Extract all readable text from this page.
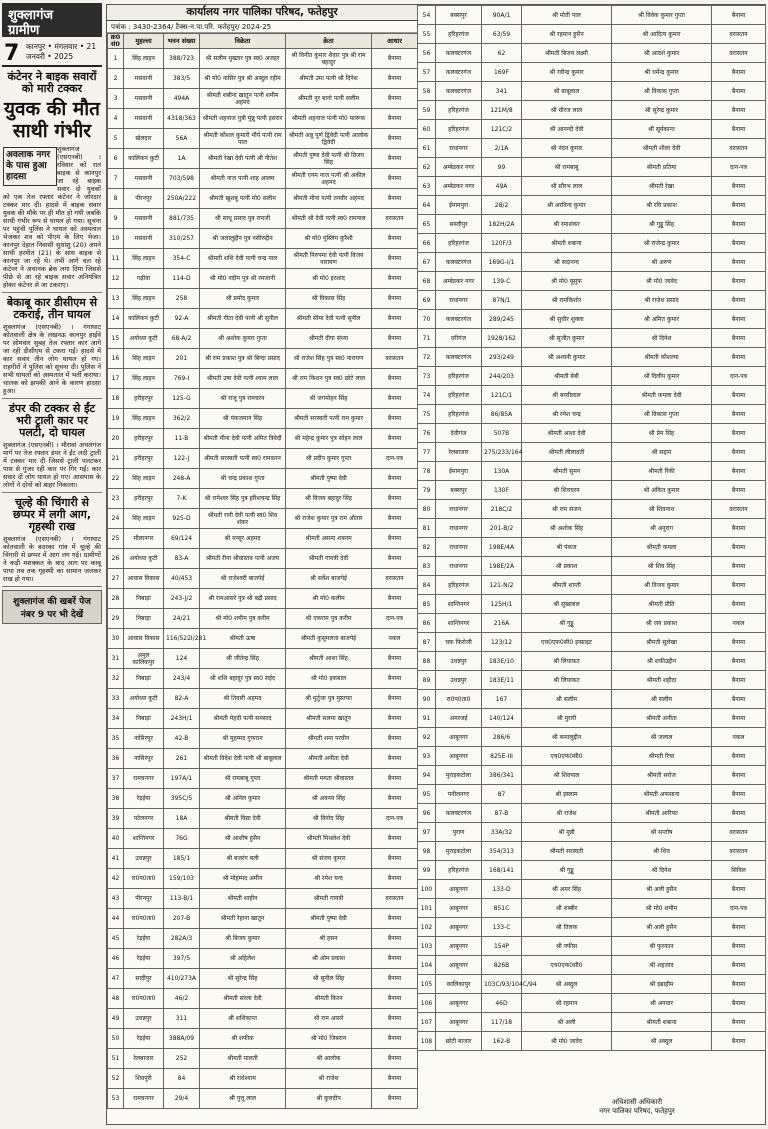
शुक्लागंज
ग्रामीण
7 कानपुर • मंगलवार • 21
जनवरी • 2025
कंटेनर ने बाइक सवारों को मारी टक्कर
युवक की मौत साथी गंभीर
अवलाक नगर के पास हुआ हादसा

शुक्लागंज (एसएनबी) । रविवार को रात बाइक से कानपुर जा रहे बाइक सवार दो युवकों को एक तेज रफ्तार कंटेनर ने जोरदार टक्कर मार दी। हादसे में बाइक सवार युवक की मौके पर ही मौत हो गयी जबकि साथी गंभीर रूप से घायल हो गया। सूचना पर पहुंची पुलिस ने घायल को अस्पताल भेजकर शव को पीएम के लिए भेजा। कानपुर देहात निवासी सुधांशु (20) अपने साथी हरमीत (21) के साथ बाइक से कानपुर जा रहे थे। तभी आगे चल रहे कंटेनर ने अचानक ब्रेक लगा दिया जिससे पीछे से आ रहे बाइक सवार अनियंत्रित होकर कंटेनर से जा टकराए।

बेकाबू कार डीसीएम से टकराई, तीन घायल

शुक्लागंज (एसएनबी) । गंगाघाट कोतवाली क्षेत्र के लखनऊ कानपुर हाईवे पर सोमवार सुबह तेज रफ्तार कार आगे जा रही डीसीएम से टकरा गई। हादसे में कार सवार तीन लोग घायल हो गए। राहगीरों ने पुलिस को सूचना दी। पुलिस ने सभी घायलों को अस्पताल में भर्ती कराया। चालक को झपकी आने के कारण हादसा हुआ।

डंपर की टक्कर से ईंट भरी ट्राली कार पर पलटी, दो घायल

शुक्लागंज (एसएनबी) । मौरावां अचलगंज मार्ग पर तेज रफ्तार डंपर ने ईंट लदी ट्राली में टक्कर मार दी जिससे ट्राली पलटकर पास से गुजर रही कार पर गिर गई। कार सवार दो लोग घायल हो गए। आसपास के लोगों ने दोनों को बाहर निकाला।

चूल्हे की चिंगारी से छप्पर में लगी आग, गृहस्थी राख

शुक्लागंज (एसएनबी) । गंगाघाट कोतवाली के बदरका गांव में चूल्हे की चिंगारी से छप्पर में आग लग गई। ग्रामीणों ने कड़ी मशक्कत के बाद आग पर काबू पाया तब तक गृहस्थी का सामान जलकर राख हो गया।

शुक्लागंज की खबरें पेज नंबर 9 पर भी देखें
कार्यालय नगर पालिका परिषद, फतेहपुर
पत्रांक : 3430-2364/ टैक्स-न.पा.परि. फतेहपुर/ 2024-25
क्र0 सं0	मुहल्ला	भवन संख्या	विक्रेता	क्रेता	आधार
1	सिंह लाइन	388/723	श्री सलीम मुख्तार पुत्र स्व0 अजहर	श्री विनीत कुमार शैवार पुत्र श्री राम बहादुर	बैनामा
2	मसवानी	383/5	श्री मो0 नासिर पुत्र श्री अब्दुल रहीम	श्रीमती उमा पत्नी श्री दिनेश	बैनामा
3	मसवानी	494A	श्रीमती शबीना खातून पत्नी शमीम अहमद	श्रीमती नूर बानो पत्नी सलीम	बैनामा
4	मसवानी	4318/363	श्रीमती शहनाज पुत्री मुन्नू पत्नी इसरार	श्रीमती शहनाज पत्नी मो0 फारूक	बैनामा
5	खेलदार	56A	श्रीमती कौशल कुमारी मौर्य पत्नी राम पाल	श्रीमती अन्नू पूर्ण द्विवेदी पत्नी आलोक द्विवेदी	बैनामा
6	कालिकन कुटी	1A	श्रीमती रेखा देवी पत्नी श्री नीतेश	श्रीमती पुष्पा देवी पत्नी श्री विजय सिंह	बैनामा
7	मसवानी	703/598	श्रीमती नाज पत्नी शाह आलम	श्रीमती एनम नाज पत्नी श्री अकील अहमद	बैनामा
8	पीरनपुर	250A/222	श्रीमती खुशबू पत्नी मो0 सलीम	श्रीमती मीना पत्नी तनवीर अहमद	बैनामा
9	मसवानी	881/735	श्री साधू प्रसाद पुत्र रामजी	श्रीमती श्री देवी पत्नी स्व0 रामपाल	वरासतन
10	मसवानी	310/257	श्री जलालुद्दीन पुत्र नसीरुद्दीन	श्री मो0 मुस्लिम कुरैशी	बैनामा
11	सिंह लाइन	354-C	श्रीमती शशि देवी पत्नी चन्द्र पाल	श्रीमती निरुपमा देवी पत्नी विजय नारायण	बैनामा
12	गढ़ीवा	114-D	श्री मो0 नदीम पुत्र श्री रमजानी	श्री मो0 इरशाद	बैनामा
13	सिंह लाइन	258	श्री प्रमोद कुमार	श्री विकास सिंह	बैनामा
14	कालिकन कुटी	92-A	श्रीमती गीता देवी पत्नी श्री सुनील	श्रीमती सीमा देवी पत्नी सुनील	बैनामा
15	अयोध्या कुटी	68-A/2	श्री अशोक कुमार गुप्ता	श्रीमती दीपा संध्या	बैनामा
16	सिंह लाइन	201	श्री राम प्रकाश पुत्र श्री बिन्दा प्रसाद	श्री राजेश सिंह पुत्र स्व0 नारायण	वरासतन
17	सिंह लाइन	769-I	श्रीमती उषा देवी पत्नी श्याम लाल	श्री राम किशन पुत्र स्व0 छोटे लाल	बैनामा
18	हरीहरपुर	125-G	श्री राजू पुत्र रामचरन	श्री जगमोहन सिंह	बैनामा
19	सिंह लाइन	362/2	श्री पंकजमान सिंह	श्रीमती सरस्वती पत्नी राम कुमार	बैनामा
20	हरीहरपुर	11-B	श्रीमती मीना देवी पत्नी अमित त्रिवेदी	श्री महेन्द्र कुमार पुत्र सोहन लाल	बैनामा
21	हरीहरपुर	122-J	श्रीमती सरस्वती पत्नी स्व0 रामकरन	श्री प्रदीप कुमार गुप्ता	दान-पत्र
22	सिंह लाइन	248-A	श्री चन्द्र प्रकाश गुप्ता	श्रीमती पुष्पा देवी	बैनामा
23	हरीहरपुर	7-K	श्री रामेश्वर सिंह पुत्र हरिशचन्द्र सिंह	श्री विजय बहादुर सिंह	बैनामा
24	सिंह लाइन	925-D	श्रीमती रानी देवी पत्नी स्व0 शिव शंकर	श्री राजेश कुमार पुत्र राम औतार	बैनामा
25	मौलानगर	69/124	श्री मन्सूर अहमद	श्रीमती असमा शबनम	बैनामा
26	अयोध्या कुटी	83-A	श्रीमती रीना श्रीवास्तव पत्नी अजय	श्रीमती गायत्री देवी	बैनामा
27	आवास विकास	40/453	श्री राजेश्वरी बाजपेई	श्री सर्वेश बाजपेई	वरासतन
28	निबाड़ा	243-J/2	श्री रामआसरे पुत्र श्री बद्री प्रसाद	श्री मो0 कलीम	बैनामा
29	निबाड़ा	24/21	श्री मो0 शमीम पुत्र करीम	श्री एकराम पुत्र करीम	दान-पत्र
30	आवास विकास	116/522I/281	श्रीमती ऊषा	श्रीमती कुसुमलता बाजपेई	नकल
31	अमुल कालिकपुर	124	श्री जीतेन्द्र सिंह	श्रीमती आशा सिंह	बैनामा
32	निबाड़ा	243/4	श्री शशि बहादुर पुत्र स्व0 सईद	श्री मो0 इकबाल	बैनामा
33	अयोध्या कुटी	82-A	श्री तिवारी अहमद	श्री मुर्तुजा पुत्र मुस्तफा	बैनामा
34	निबाड़ा	243H/1	श्रीमती मेहदी पत्नी समसाद	श्रीमती सलमा खातून	बैनामा
35	नासिरपुर	42-B	श्री मुहम्मद गुफरान	श्रीमती शमा परवीन	बैनामा
36	नासिरपुर	261	श्रीमती विदेश देवी पत्नी श्री बाबूलाल	श्रीमती अनीता देवी	बैनामा
37	रामचनगर	197A/1	श्री रामबाबू गुप्ता	श्रीमती ममता श्रीवास्तव	बैनामा
38	रेड़ईया	395C/5	श्री अनिल कुमार	श्री अवनय सिंह	बैनामा
39	पटेलनगर	18A	श्रीमती विद्या देवी	श्री विनोद सिंह	दान-पत्र
40	शान्तिनगर	76G	श्री आशीष हुसैन	श्रीमती मिथलेश देवी	बैनामा
41	उधन्नपुर	185/1	श्री बजरंग बली	श्री संजय कुमार	बैनामा
42	रा0प0ता0	159/103	श्री मोहम्मद अमीन	श्री रमेश चन्द	बैनामा
43	पीरनपुर	113-B/1	श्रीमती शाहीन	श्रीमती गायत्री	वरासतन
44	रा0प0ता0	207-B	श्रीमती रेहाना खातून	श्रीमती पुष्पा देवी	बैनामा
45	रेड़ईया	282A/3	श्री बिजय कुमार	श्री हसन	बैनामा
46	रेड़ईया	397/5	श्री अहिलेश	श्री ओम प्रकाश	बैनामा
47	सादीपुर	410/273A	श्री सुरेन्द्र सिंह	श्री सुनील सिंह	बैनामा
48	रा0प0ता0	46/2	श्रीमती सरला देवी	श्रीमती किरन	बैनामा
49	उधन्नपुर	311	श्री शशिकान्त	श्री राम आसरे	बैनामा
50	रेड़ईया	388A/09	श्री शफीक	श्री मो0 जिबरान	बैनामा
51	रेलबाजार	252	श्रीमती मालती	श्री आलोक	बैनामा
52	शिवपुरी	84	श्री राधेश्याम	श्री राजेश	बैनामा
53	रामचनगर	29/4	श्री पुत्तू लाल	श्री कुलदीप	बैनामा
54	बक्सपुर	90A/1	श्री मोती पाल	श्री विवेक कुमार गुप्ता	बैनामा
55	हरिहरगंज	63/59	श्री रहमान हुसैन	श्री आदित्य कुमार	वरासतन
56	कलक्टरगंज	62	श्रीमती बिजय लक्ष्मी	श्री आदर्श कुमार	वरासतन
57	कलक्टरगंज	169F	श्री रवीन्द्र कुमार	श्री धर्मेन्द्र कुमार	बैनामा
58	कलक्टरगंज	341	श्री बाबूलाल	श्री विकास गुप्ता	बैनामा
59	हरिहरगंज	121M/8	श्री धीरज लाल	श्री सुरेन्द्र कुमार	बैनामा
60	हरिहरगंज	121C/2	श्री आनन्दी देवी	श्री सूर्यकान्त	बैनामा
61	राधानगर	2/1A	श्री नंदन कुमार	श्रीमती शीला देवी	वरासतन
62	अम्बेडकर नगर	99	श्री रामबाबू	श्रीमती प्रतिमा	दान-पत्र
63	अम्बेडकर नगर	49A	श्री सौरभ लाल	श्रीमती रेखा	बैनामा
64	ईमामपुरा	28/2	श्री अरविन्द कुमार	श्री रवि प्रकाश	बैनामा
65	सब्जीपुर	182H/2A	श्री रमाशंकर	श्री गुड्डू सिंह	बैनामा
66	हरिहरगंज	120F/3	श्रीमती शबाना	श्री राजेन्द्र कुमार	बैनामा
67	कलक्टरगंज	169G-I/1	श्री सदानन्द	श्री अरुण	बैनामा
68	अम्बेडकर नगर	139-C	श्री मो0 यूसुफ	श्री मो0 जावेद	बैनामा
69	राधानगर	87N/1	श्री रामकिशोर	श्री राजेश प्रसाद	बैनामा
70	कलक्टरगंज	289/245	श्री सुधीर शुक्ला	श्री अमित कुमार	बैनामा
71	दरीगंज	1928/162	श्री सुजीत कुमार	श्री दिनेश	बैनामा
72	कलक्टरगंज	293/249	श्री अश्वनी कुमार	श्रीमती कौशल्या	बैनामा
73	हरिहरगंज	244/203	श्रीमती बेबी	श्री दिलीप कुमार	दान-पत्र
74	हरिहरगंज	121C/1	श्री बच्चीलाल	श्रीमती कमला देवी	बैनामा
75	हरिहरगंज	86/85A	श्री रमेश चन्द्र	श्री विकास गुप्ता	बैनामा
76	देवीगंज	507B	श्रीमती आशा देवी	श्री प्रेम सिंह	बैनामा
77	रेलबाजार	275/233/164	श्रीमती लीलावती	श्री सद्दाम	बैनामा
78	ईमामपुरा	130A	श्रीमती सुमन	श्रीमती रिंकी	बैनामा
79	बक्सपुर	130F	श्री शिवचरन	श्री अंकित कुमार	बैनामा
80	राधानगर	218C/2	श्री राम सजन	श्री शिवनाथ	वरासतन
81	राधानगर	201-B/2	श्री अशोक सिंह	श्री अनुराग	बैनामा
82	राधानगर	198E/4A	श्री पंकज	श्रीमती कमला	बैनामा
83	राधानगर	198E/2A	श्री प्रकाश	श्री शिव सिंह	बैनामा
84	हरिहरगंज	121-N/2	श्रीमती शान्ती	श्री विजय कुमार	बैनामा
85	शान्तिनगर	125H/1	श्री सुखलाल	श्रीमती प्रीति	बैनामा
86	शान्तिनगर	216A	श्री गुड्डू	श्री जय प्रकाश	नकल
87	चक फिरोजी	123/12	एच0एफ0सी0 इन्फ्राइट	श्रीमती सुलेखा	बैनामा
88	उधन्नपुर	183E/10	श्री लियाकत	श्री शफीउद्दीन	बैनामा
89	उधन्नपुर	183E/11	श्री लियाकत	श्रीमती शहीदा	बैनामा
90	रा0प0ता0	167	श्री सलीम	श्री सलीम	बैनामा
91	अमरजई	140/124	श्री मुरारी	श्रीमती अनीता	बैनामा
92	आबूनगर	286/6	श्री कमालुद्दीन	श्री जलाल	नकल
93	आबूनगर	825E-III	एच0एफ0सी0	श्रीमती रिचा	बैनामा
94	मुराइकटोला	386/341	श्री शिवपाल	श्रीमती सरोज	बैनामा
95	पनीलनगर	87	श्री इस्लाम	श्रीमती अफसाना	बैनामा
96	कलक्टरगंज	87-B	श्री राजेश	श्रीमती आरिफा	बैनामा
97	पुराण	33A/32	श्री मुन्नी	श्री सन्तोष	वरासतन
98	मुराइकटोला	354/313	श्रीमती सरस्वती	श्री शिव	वरासतन
99	हरिहरगंज	168/141	श्री गुड्डू	श्री दिनेश	सिविल
100	आबूनगर	133-D	श्री अमर सिंह	श्री अली हुसैन	बैनामा
101	आबूनगर	851C	श्री शब्बीर	श्री मो0 शमीम	दान-पत्र
102	आबूनगर	133-C	श्री तिलक	श्री अली हुसैन	बैनामा
103	आबूनगर	154P	श्री नफीस	श्री फुरकान	बैनामा
104	आबूनगर	826B	एच0एफ0सी0	श्री शहजाद	बैनामा
105	कालिकापुर	103C/93/104C/94	श्री अब्दुल	श्री इब्राहीम	बैनामा
106	आबूनगर	46D	श्री रहमान	श्री अनवार	बैनामा
107	आबूनगर	117/18	श्री अली	श्रीमती शबाना	बैनामा
108	छोटी बाजार	162-B	श्री मो0 जावेद	श्री अब्दुल	बैनामा
अधिशासी अधिकारी
नगर पालिका परिषद, फतेहपुर
